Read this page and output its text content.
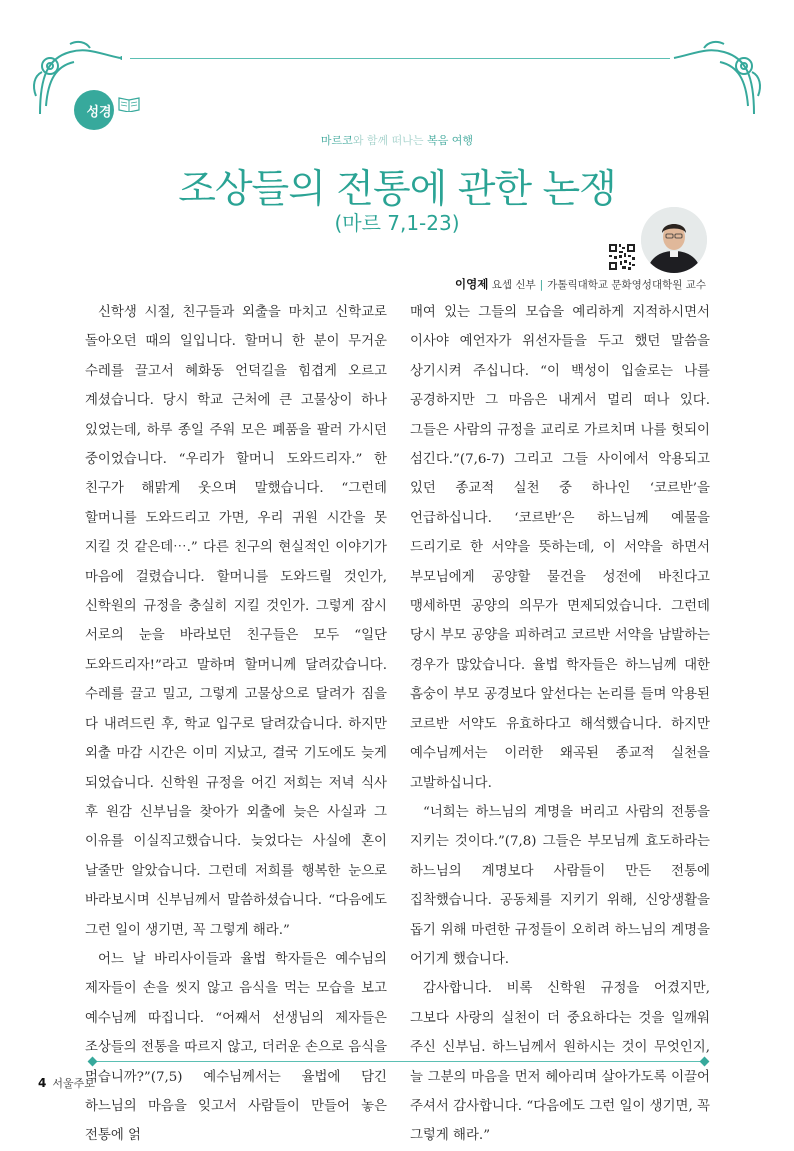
성경
마르코와 함께 떠나는 복음 여행
조상들의 전통에 관한 논쟁
(마르 7,1-23)
이영제 요셉 신부 | 가톨릭대학교 문화영성대학원 교수

신학생 시절, 친구들과 외출을 마치고 신학교로 돌아오던 때의 일입니다. 할머니 한 분이 무거운 수레를 끌고서 혜화동 언덕길을 힘겹게 오르고 계셨습니다. 당시 학교 근처에 큰 고물상이 하나 있었는데, 하루 종일 주워 모은 폐품을 팔러 가시던 중이었습니다. “우리가 할머니 도와드리자.” 한 친구가 해맑게 웃으며 말했습니다. “그런데 할머니를 도와드리고 가면, 우리 귀원 시간을 못 지킬 것 같은데⋯.” 다른 친구의 현실적인 이야기가 마음에 걸렸습니다. 할머니를 도와드릴 것인가, 신학원의 규정을 충실히 지킬 것인가. 그렇게 잠시 서로의 눈을 바라보던 친구들은 모두 “일단 도와드리자!”라고 말하며 할머니께 달려갔습니다. 수레를 끌고 밀고, 그렇게 고물상으로 달려가 짐을 다 내려드린 후, 학교 입구로 달려갔습니다. 하지만 외출 마감 시간은 이미 지났고, 결국 기도에도 늦게 되었습니다. 신학원 규정을 어긴 저희는 저녁 식사 후 원감 신부님을 찾아가 외출에 늦은 사실과 그 이유를 이실직고했습니다. 늦었다는 사실에 혼이 날줄만 알았습니다. 그런데 저희를 행복한 눈으로 바라보시며 신부님께서 말씀하셨습니다. “다음에도 그런 일이 생기면, 꼭 그렇게 해라.”

어느 날 바리사이들과 율법 학자들은 예수님의 제자들이 손을 씻지 않고 음식을 먹는 모습을 보고 예수님께 따집니다. “어째서 선생님의 제자들은 조상들의 전통을 따르지 않고, 더러운 손으로 음식을 먹습니까?”(7,5) 예수님께서는 율법에 담긴 하느님의 마음을 잊고서 사람들이 만들어 놓은 전통에 얽

매여 있는 그들의 모습을 예리하게 지적하시면서 이사야 예언자가 위선자들을 두고 했던 말씀을 상기시켜 주십니다. “이 백성이 입술로는 나를 공경하지만 그 마음은 내게서 멀리 떠나 있다. 그들은 사람의 규정을 교리로 가르치며 나를 헛되이 섬긴다.”(7,6-7) 그리고 그들 사이에서 악용되고 있던 종교적 실천 중 하나인 ‘코르반’을 언급하십니다. ‘코르반’은 하느님께 예물을 드리기로 한 서약을 뜻하는데, 이 서약을 하면서 부모님에게 공양할 물건을 성전에 바친다고 맹세하면 공양의 의무가 면제되었습니다. 그런데 당시 부모 공양을 피하려고 코르반 서약을 남발하는 경우가 많았습니다. 율법 학자들은 하느님께 대한 흠숭이 부모 공경보다 앞선다는 논리를 들며 악용된 코르반 서약도 유효하다고 해석했습니다. 하지만 예수님께서는 이러한 왜곡된 종교적 실천을 고발하십니다.

“너희는 하느님의 계명을 버리고 사람의 전통을 지키는 것이다.”(7,8) 그들은 부모님께 효도하라는 하느님의 계명보다 사람들이 만든 전통에 집착했습니다. 공동체를 지키기 위해, 신앙생활을 돕기 위해 마련한 규정들이 오히려 하느님의 계명을 어기게 했습니다.

감사합니다. 비록 신학원 규정을 어겼지만, 그보다 사랑의 실천이 더 중요하다는 것을 일깨워 주신 신부님. 하느님께서 원하시는 것이 무엇인지, 늘 그분의 마음을 먼저 헤아리며 살아가도록 이끌어 주셔서 감사합니다. “다음에도 그런 일이 생기면, 꼭 그렇게 해라.”

4 서울주보
